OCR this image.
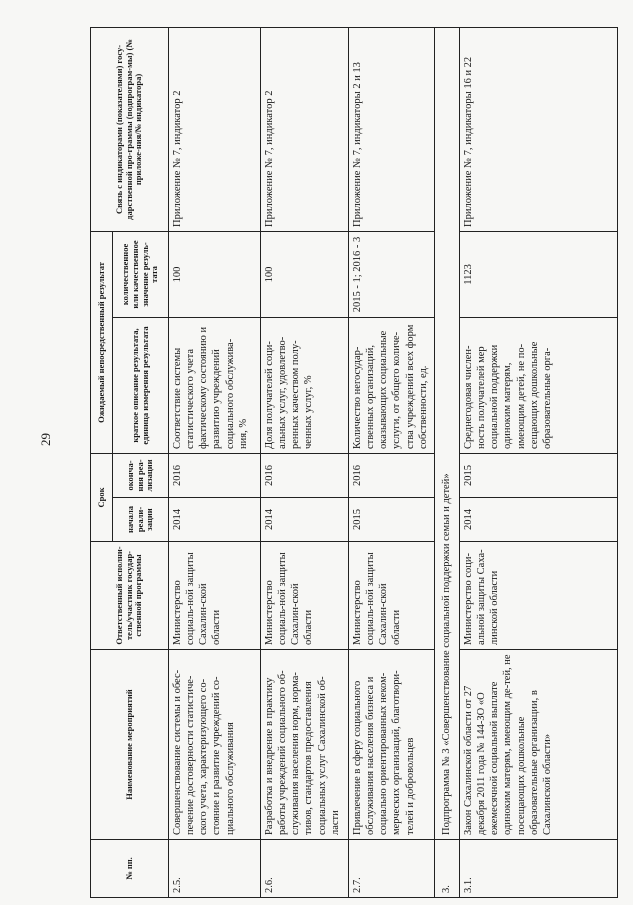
29
№ пп.	Наименование мероприятий	Ответственный исполни-тель/участник государ-ственной программы	Срок		Ожидаемый непосредственный результат		Связь с индикаторами (показателями) госу-дарственной про-граммы (подпрограм-мы) (№ приложе-ния/№ индикатора)
			начала реали-зации	оконча-ния реа-лизации	краткое описание результата, единица измерения результата	количественное или качественное значение резуль-тата	
2.5.	Совершенствование системы и обес-печение достоверности статистиче-ского учета, характеризующего со-стояние и развитие учреждений со-циального обслуживания	Министерство социаль-ной защиты Сахалин-ской области	2014	2016	Соответствие системы статистического учета фактическому состоянию и развитию учреждений социального обслужива-ния, %	100	Приложение № 7, индикатор 2
2.6.	Разработка и внедрение в практику работы учреждений социального об-служивания населения норм, норма-тивов, стандартов предоставления социальных услуг Сахалинской об-ласти	Министерство социаль-ной защиты Сахалин-ской области	2014	2016	Доля получателей соци-альных услуг, удовлетво-ренных качеством полу-ченных услуг, %	100	Приложение № 7, индикатор 2
2.7.	Привлечение в сферу социального обслуживания населения бизнеса и социально ориентированных неком-мерческих организаций, благотвори-телей и добровольцев	Министерство социаль-ной защиты Сахалин-ской области	2015	2016	Количество негосудар-ственных организаций, оказывающих социальные услуги, от общего количе-ства учреждений всех форм собственности, ед.	2015 - 1; 2016 - 3	Приложение № 7, индикаторы 2 и 13
3.	Подпрограмма № 3 «Совершенствование социальной поддержки семьи и детей»						
3.1.	Закон Сахалинской области от 27 декабря 2011 года № 144-ЗО «О ежемесячной социальной выплате одиноким матерям, имеющим де-тей, не посещающих дошкольные образовательные организации, в Сахалинской области»	Министерство соци-альной защиты Саха-линской области	2014	2015	Среднегодовая числен-ность получателей мер социальной поддержки одиноким матерям, имеющим детей, не по-сещающих дошкольные образовательные орга-	1123	Приложение № 7, индикаторы 16 и 22
